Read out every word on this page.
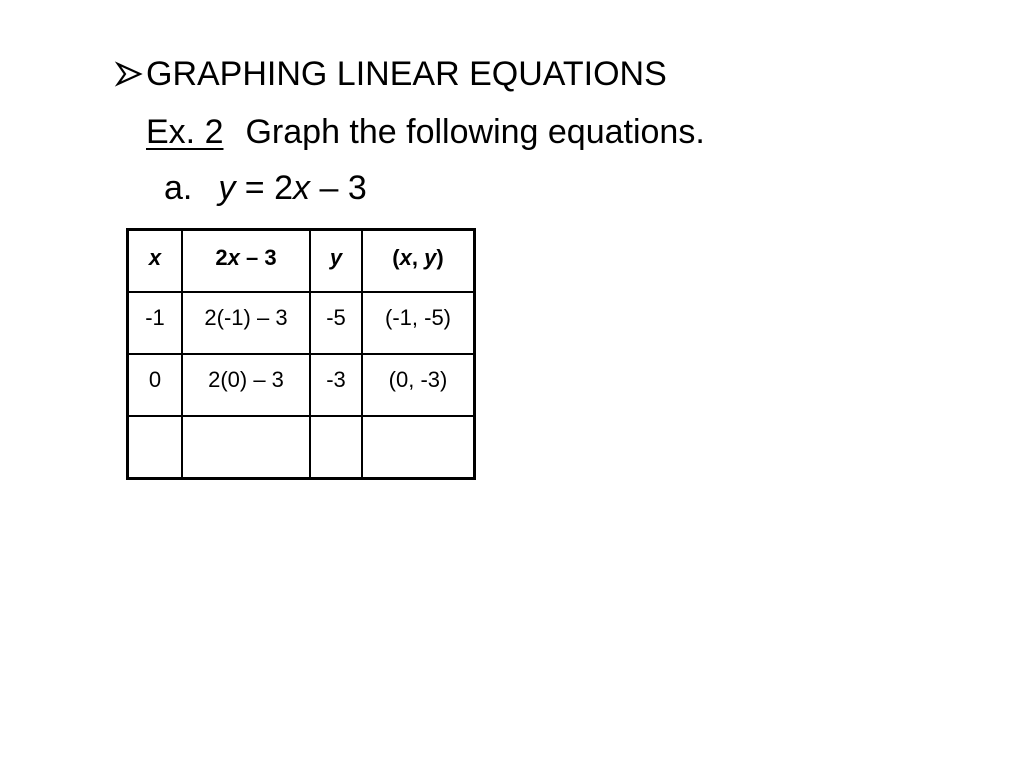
GRAPHING LINEAR EQUATIONS
Ex. 2 Graph the following equations.
a. y = 2x – 3
x	2x – 3	y	(x, y)
-1	2(-1) – 3	-5	(-1, -5)
0	2(0) – 3	-3	(0, -3)
